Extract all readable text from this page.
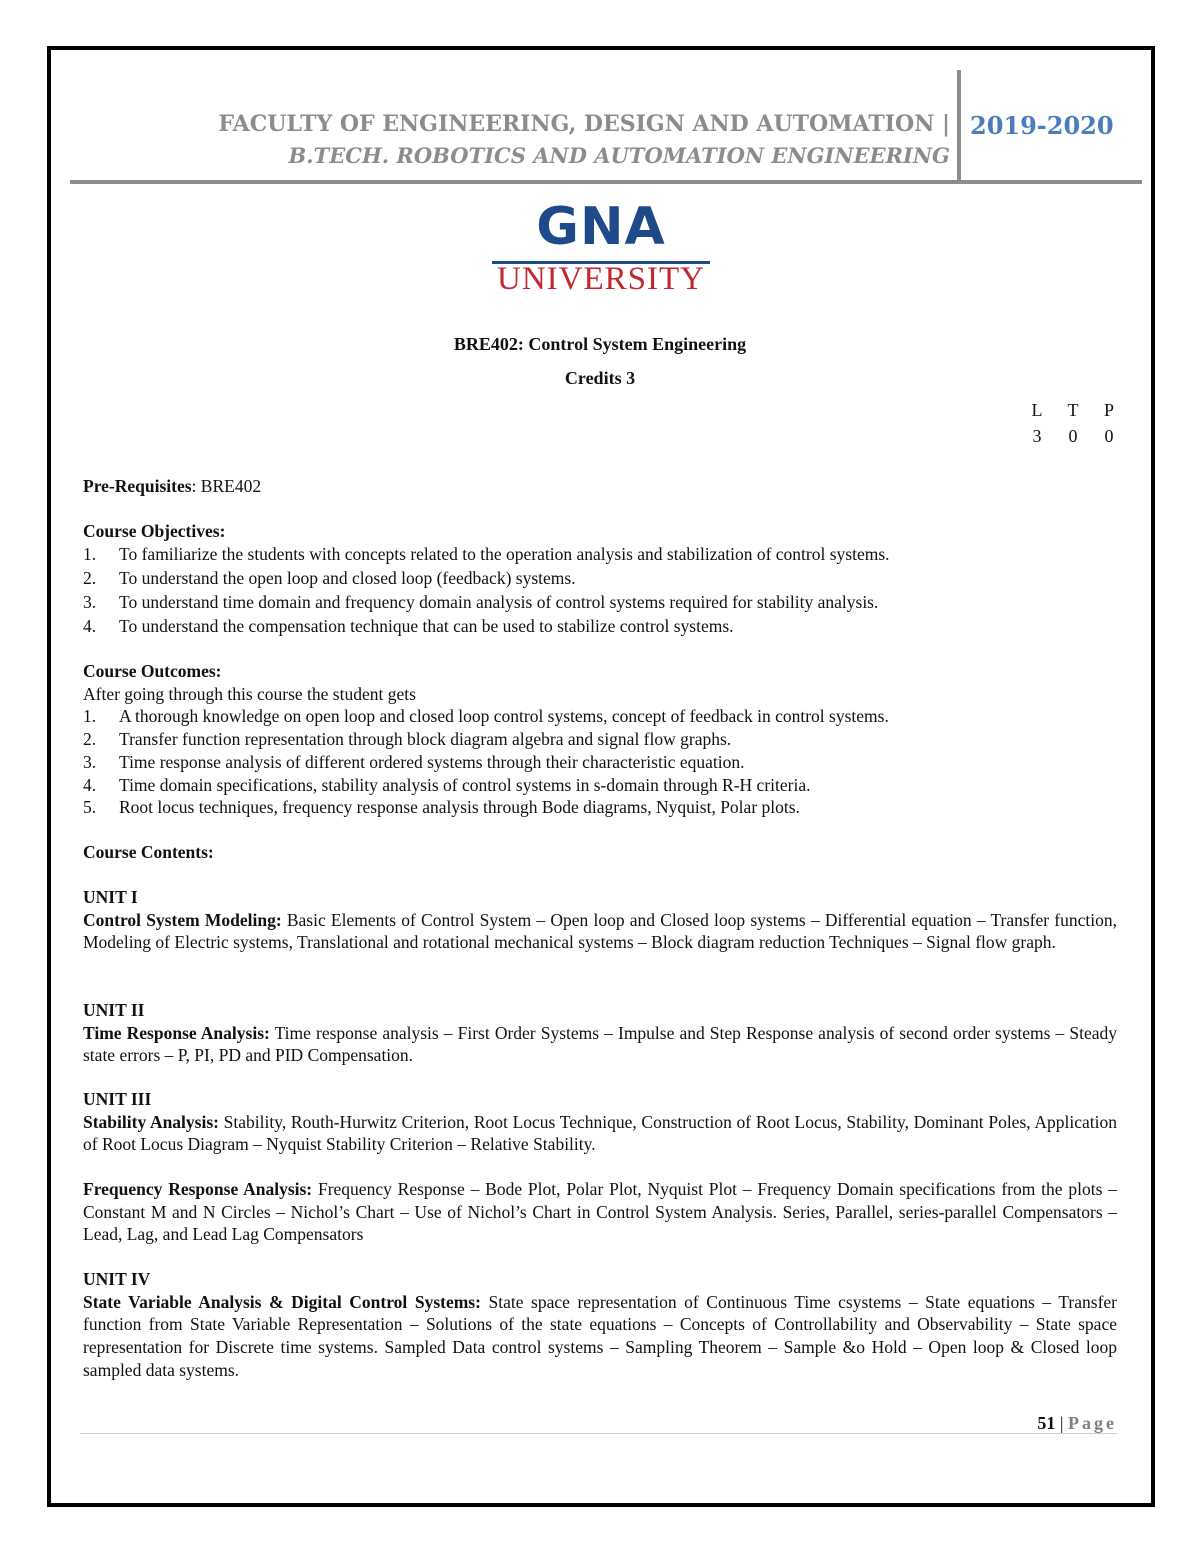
FACULTY OF ENGINEERING, DESIGN AND AUTOMATION |
B.TECH. ROBOTICS AND AUTOMATION ENGINEERING
2019-2020
GNA
UNIVERSITY
BRE402: Control System Engineering
Credits 3
L T P
3	0	0
Pre-Requisites: BRE402

Course Objectives:

1. To familiarize the students with concepts related to the operation analysis and stabilization of control systems.
2. To understand the open loop and closed loop (feedback) systems.
3. To understand time domain and frequency domain analysis of control systems required for stability analysis.
4. To understand the compensation technique that can be used to stabilize control systems.

Course Outcomes:

After going through this course the student gets

1. A thorough knowledge on open loop and closed loop control systems, concept of feedback in control systems.
2. Transfer function representation through block diagram algebra and signal flow graphs.
3. Time response analysis of different ordered systems through their characteristic equation.
4. Time domain specifications, stability analysis of control systems in s-domain through R-H criteria.
5. Root locus techniques, frequency response analysis through Bode diagrams, Nyquist, Polar plots.

Course Contents:

UNIT I

Control System Modeling: Basic Elements of Control System – Open loop and Closed loop systems – Differential equation – Transfer function, Modeling of Electric systems, Translational and rotational mechanical systems – Block diagram reduction Techniques – Signal flow graph.

UNIT II

Time Response Analysis: Time response analysis – First Order Systems – Impulse and Step Response analysis of second order systems – Steady state errors – P, PI, PD and PID Compensation.

UNIT III

Stability Analysis: Stability, Routh-Hurwitz Criterion, Root Locus Technique, Construction of Root Locus, Stability, Dominant Poles, Application of Root Locus Diagram – Nyquist Stability Criterion – Relative Stability.

Frequency Response Analysis: Frequency Response – Bode Plot, Polar Plot, Nyquist Plot – Frequency Domain specifications from the plots – Constant M and N Circles – Nichol’s Chart – Use of Nichol’s Chart in Control System Analysis. Series, Parallel, series-parallel Compensators – Lead, Lag, and Lead Lag Compensators

UNIT IV

State Variable Analysis & Digital Control Systems: State space representation of Continuous Time csystems – State equations – Transfer function from State Variable Representation – Solutions of the state equations – Concepts of Controllability and Observability – State space representation for Discrete time systems. Sampled Data control systems – Sampling Theorem – Sample &o Hold – Open loop & Closed loop sampled data systems.

51 | Page
